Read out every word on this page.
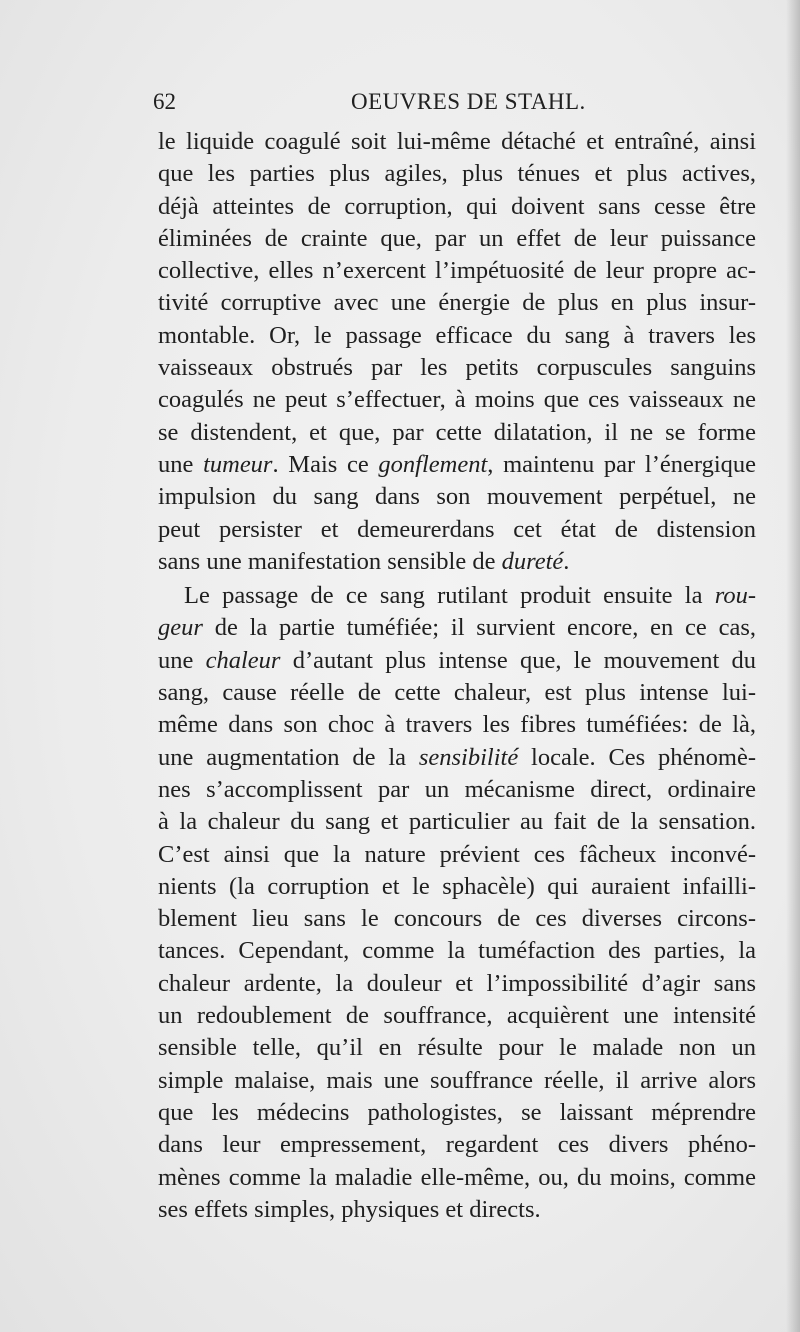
62	OEUVRES DE STAHL.
le liquide coagulé soit lui-même détaché et entraîné, ainsi
que les parties plus agiles, plus ténues et plus actives,
déjà atteintes de corruption, qui doivent sans cesse être
éliminées de crainte que, par un effet de leur puissance
collective, elles n’exercent l’impétuosité de leur propre ac-
tivité corruptive avec une énergie de plus en plus insur-
montable. Or, le passage efficace du sang à travers les
vaisseaux obstrués par les petits corpuscules sanguins
coagulés ne peut s’effectuer, à moins que ces vaisseaux ne
se distendent, et que, par cette dilatation, il ne se forme
une tumeur. Mais ce gonflement, maintenu par l’énergique
impulsion du sang dans son mouvement perpétuel, ne
peut persister et demeurerdans cet état de distension
sans une manifestation sensible de dureté.
Le passage de ce sang rutilant produit ensuite la rou-
geur de la partie tuméfiée; il survient encore, en ce cas,
une chaleur d’autant plus intense que, le mouvement du
sang, cause réelle de cette chaleur, est plus intense lui-
même dans son choc à travers les fibres tuméfiées: de là,
une augmentation de la sensibilité locale. Ces phénomè-
nes s’accomplissent par un mécanisme direct, ordinaire
à la chaleur du sang et particulier au fait de la sensation.
C’est ainsi que la nature prévient ces fâcheux inconvé-
nients (la corruption et le sphacèle) qui auraient infailli-
blement lieu sans le concours de ces diverses circons-
tances. Cependant, comme la tuméfaction des parties, la
chaleur ardente, la douleur et l’impossibilité d’agir sans
un redoublement de souffrance, acquièrent une intensité
sensible telle, qu’il en résulte pour le malade non un
simple malaise, mais une souffrance réelle, il arrive alors
que les médecins pathologistes, se laissant méprendre
dans leur empressement, regardent ces divers phéno-
mènes comme la maladie elle-même, ou, du moins, comme
ses effets simples, physiques et directs.
